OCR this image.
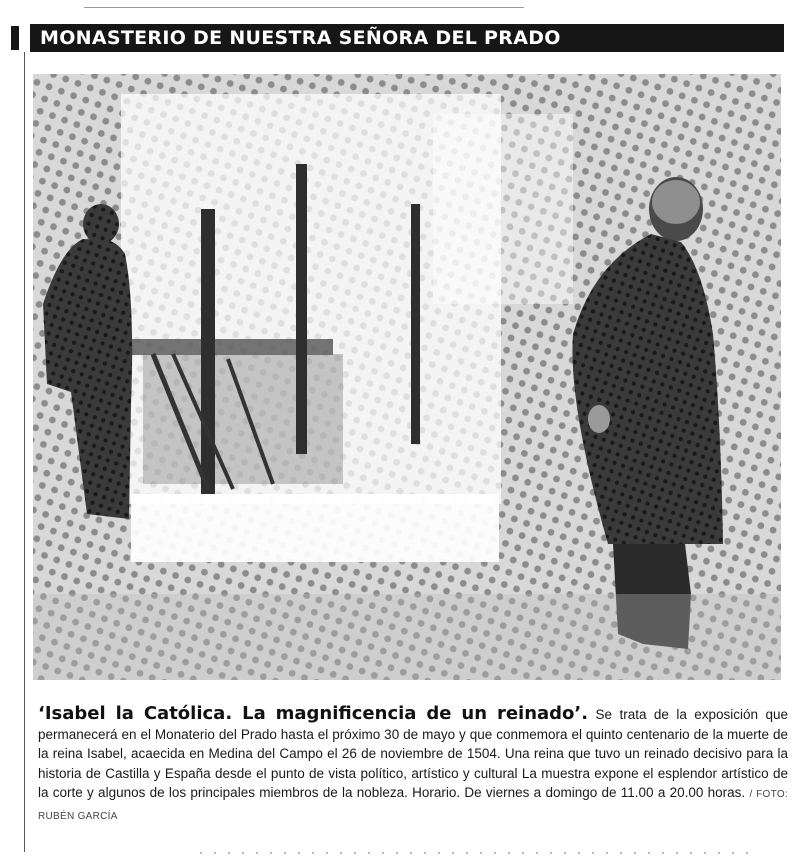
MONASTERIO DE NUESTRA SEÑORA DEL PRADO
‘Isabel la Católica. La magnificencia de un reinado’. Se trata de la exposición que permanecerá en el Monaterio del Prado hasta el próximo 30 de mayo y que conmemora el quinto centenario de la muerte de la reina Isabel, acaecida en Medina del Campo el 26 de noviembre de 1504. Una reina que tuvo un reinado decisivo para la historia de Castilla y España desde el punto de vista político, artístico y cultural La muestra expone el esplendor artístico de la corte y algunos de los principales miembros de la nobleza. Horario. De viernes a domingo de 11.00 a 20.00 horas. / FOTO: RUBÉN GARCÍA
